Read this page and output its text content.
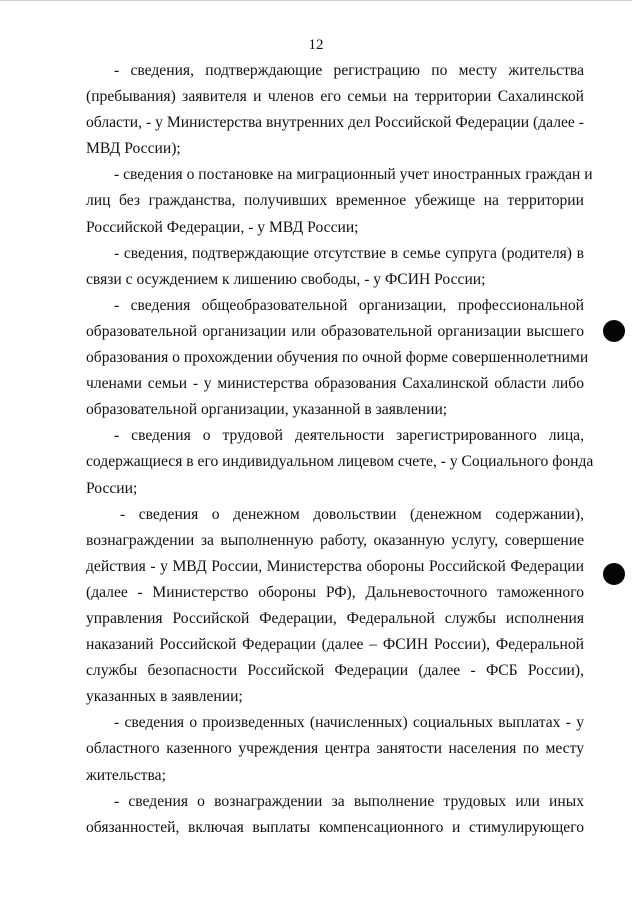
12
- сведения, подтверждающие регистрацию по месту жительства
(пребывания) заявителя и членов его семьи на территории Сахалинской
области, - у Министерства внутренних дел Российской Федерации (далее -
МВД России);
- сведения о постановке на миграционный учет иностранных граждан и
лиц без гражданства, получивших временное убежище на территории
Российской Федерации, - у МВД России;
- сведения, подтверждающие отсутствие в семье супруга (родителя) в
связи с осуждением к лишению свободы, - у ФСИН России;
- сведения общеобразовательной организации, профессиональной
образовательной организации или образовательной организации высшего
образования о прохождении обучения по очной форме совершеннолетними
членами семьи - у министерства образования Сахалинской области либо
образовательной организации, указанной в заявлении;
- сведения о трудовой деятельности зарегистрированного лица,
содержащиеся в его индивидуальном лицевом счете, - у Социального фонда
России;
- сведения о денежном довольствии (денежном содержании),
вознаграждении за выполненную работу, оказанную услугу, совершение
действия - у МВД России, Министерства обороны Российской Федерации
(далее - Министерство обороны РФ), Дальневосточного таможенного
управления Российской Федерации, Федеральной службы исполнения
наказаний Российской Федерации (далее – ФСИН России), Федеральной
службы безопасности Российской Федерации (далее - ФСБ России),
указанных в заявлении;
- сведения о произведенных (начисленных) социальных выплатах - у
областного казенного учреждения центра занятости населения по месту
жительства;
- сведения о вознаграждении за выполнение трудовых или иных
обязанностей, включая выплаты компенсационного и стимулирующего
